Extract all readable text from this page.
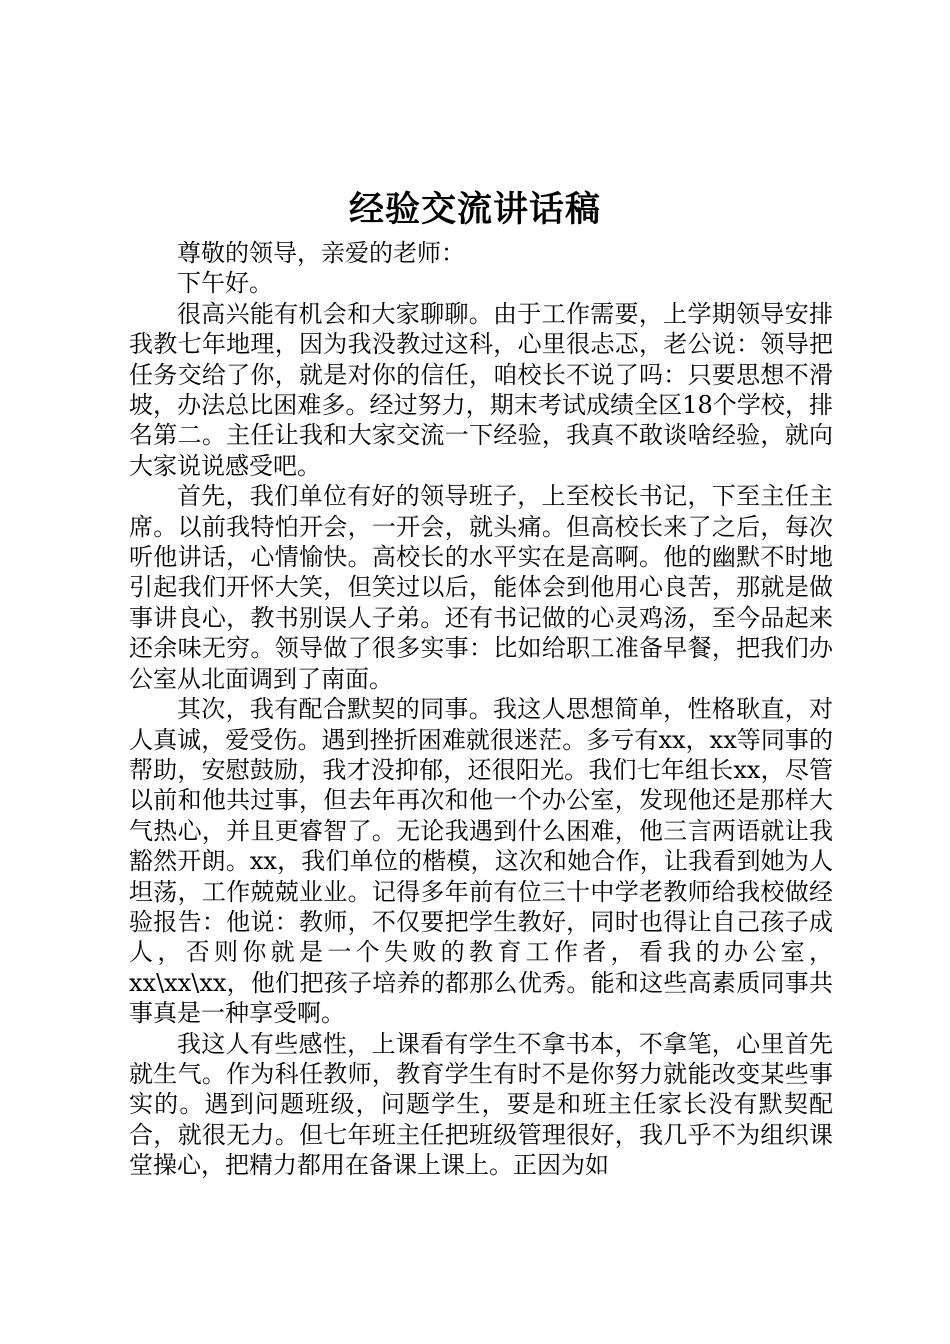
经验交流讲话稿

尊敬的领导，亲爱的老师：

下午好。

很高兴能有机会和大家聊聊。由于工作需要，上学期领导安排我教七年地理，因为我没教过这科，心里很忐忑，老公说：领导把任务交给了你，就是对你的信任，咱校长不说了吗：只要思想不滑坡，办法总比困难多。经过努力，期末考试成绩全区18个学校，排名第二。主任让我和大家交流一下经验，我真不敢谈啥经验，就向大家说说感受吧。

首先，我们单位有好的领导班子，上至校长书记，下至主任主席。以前我特怕开会，一开会，就头痛。但高校长来了之后，每次听他讲话，心情愉快。高校长的水平实在是高啊。他的幽默不时地引起我们开怀大笑，但笑过以后，能体会到他用心良苦，那就是做事讲良心，教书别误人子弟。还有书记做的心灵鸡汤，至今品起来还余味无穷。领导做了很多实事：比如给职工准备早餐，把我们办公室从北面调到了南面。

其次，我有配合默契的同事。我这人思想简单，性格耿直，对人真诚，爱受伤。遇到挫折困难就很迷茫。多亏有xx，xx等同事的帮助，安慰鼓励，我才没抑郁，还很阳光。我们七年组长xx，尽管以前和他共过事，但去年再次和他一个办公室，发现他还是那样大气热心，并且更睿智了。无论我遇到什么困难，他三言两语就让我豁然开朗。xx，我们单位的楷模，这次和她合作，让我看到她为人坦荡，工作兢兢业业。记得多年前有位三十中学老教师给我校做经验报告：他说：教师，不仅要把学生教好，同时也得让自己孩子成人，否则你就是一个失败的教育工作者，看我的办公室，xx\xx\xx，他们把孩子培养的都那么优秀。能和这些高素质同事共事真是一种享受啊。

我这人有些感性，上课看有学生不拿书本，不拿笔，心里首先就生气。作为科任教师，教育学生有时不是你努力就能改变某些事实的。遇到问题班级，问题学生，要是和班主任家长没有默契配合，就很无力。但七年班主任把班级管理很好，我几乎不为组织课堂操心，把精力都用在备课上课上。正因为如
